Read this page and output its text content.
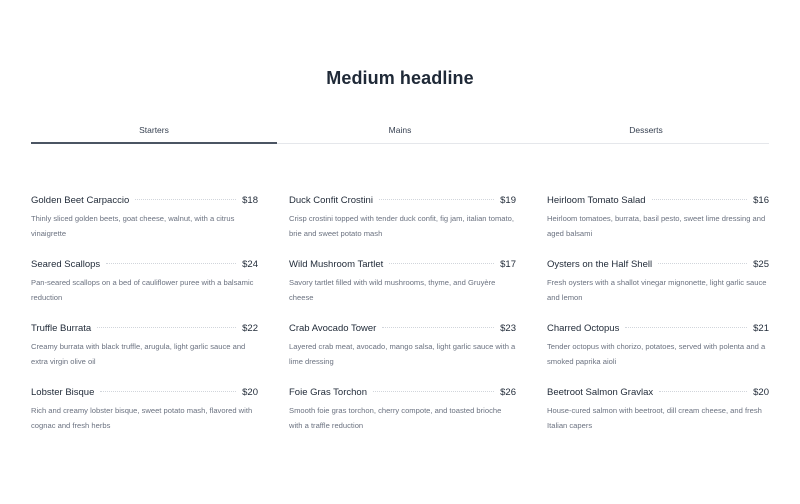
Medium headline
Starters	Mains	Desserts
Golden Beet Carpaccio	$18
Thinly sliced golden beets, goat cheese, walnut, with a citrus vinaigrette
Duck Confit Crostini	$19
Crisp crostini topped with tender duck confit, fig jam, italian tomato, brie and sweet potato mash
Heirloom Tomato Salad	$16
Heirloom tomatoes, burrata, basil pesto, sweet lime dressing and aged balsami
Seared Scallops	$24
Pan-seared scallops on a bed of cauliflower puree with a balsamic reduction
Wild Mushroom Tartlet	$17
Savory tartlet filled with wild mushrooms, thyme, and Gruyère cheese
Oysters on the Half Shell	$25
Fresh oysters with a shallot vinegar mignonette, light garlic sauce and lemon
Truffle Burrata	$22
Creamy burrata with black truffle, arugula, light garlic sauce and extra virgin olive oil
Crab Avocado Tower	$23
Layered crab meat, avocado, mango salsa, light garlic sauce with a lime dressing
Charred Octopus	$21
Tender octopus with chorizo, potatoes, served with polenta and a smoked paprika aioli
Lobster Bisque	$20
Rich and creamy lobster bisque, sweet potato mash, flavored with cognac and fresh herbs
Foie Gras Torchon	$26
Smooth foie gras torchon, cherry compote, and toasted brioche with a traffle reduction
Beetroot Salmon Gravlax	$20
House-cured salmon with beetroot, dill cream cheese, and fresh Italian capers
